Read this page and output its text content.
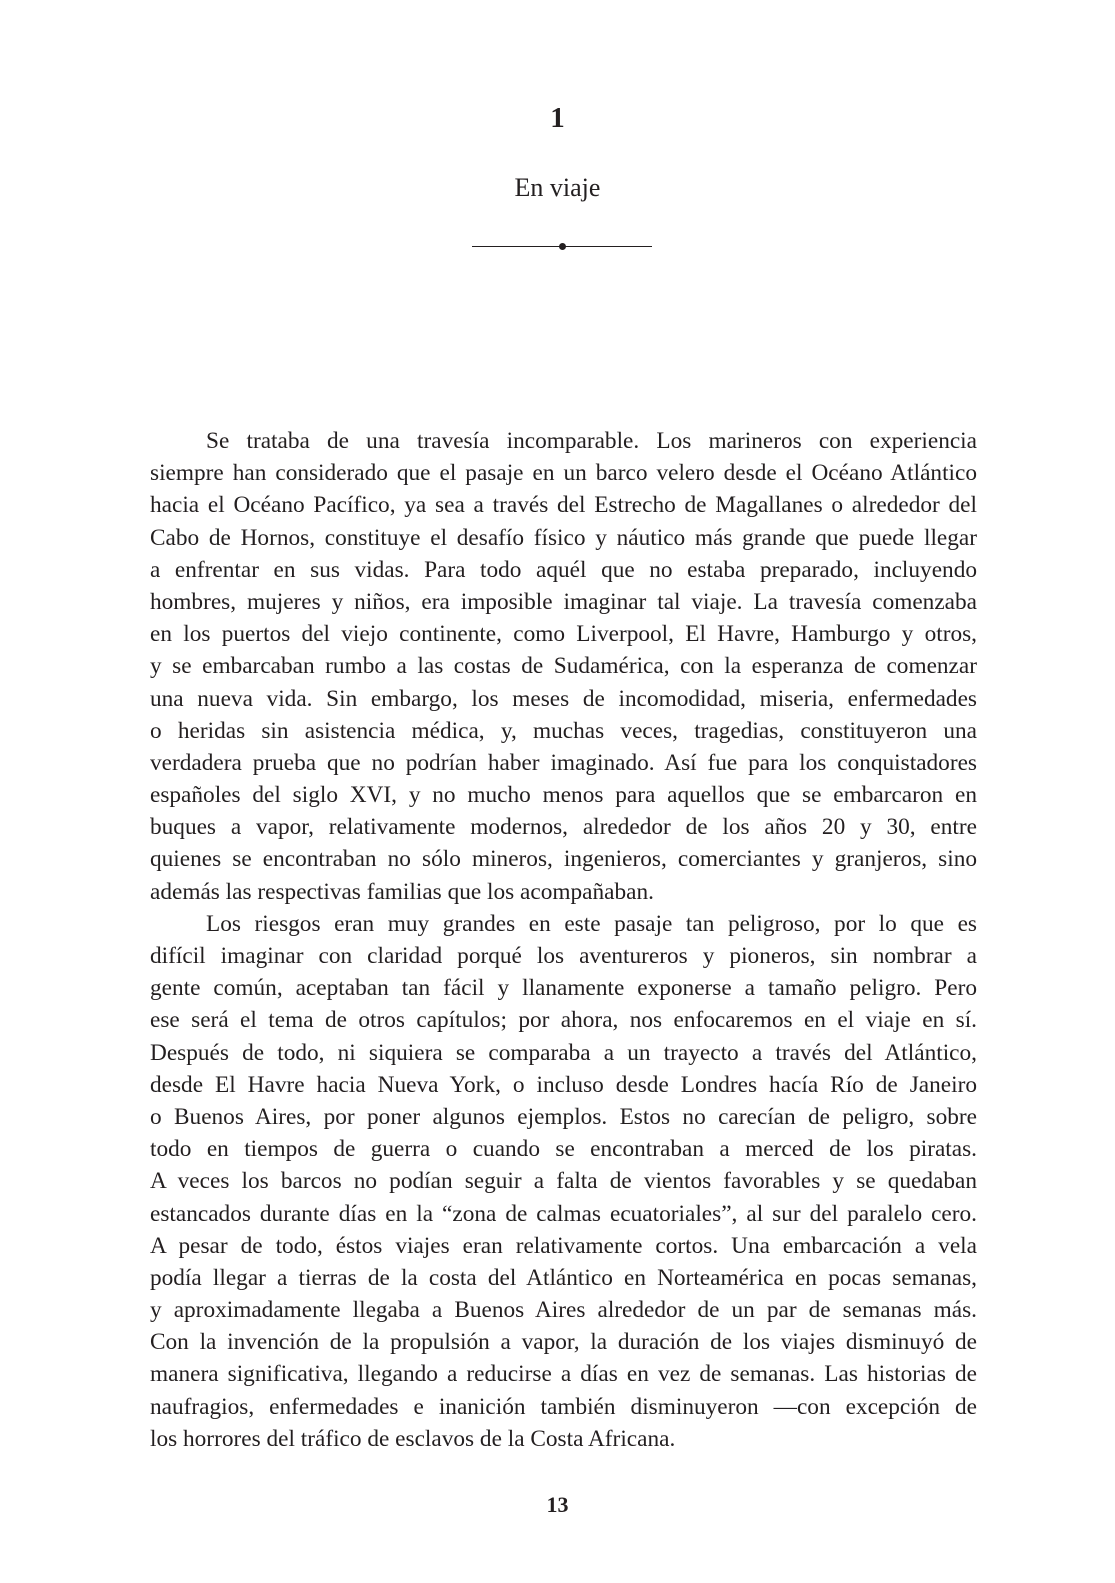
1
En viaje
Se trataba de una travesía incomparable. Los marineros con experiencia
siempre han considerado que el pasaje en un barco velero desde el Océano Atlántico
hacia el Océano Pacífico, ya sea a través del Estrecho de Magallanes o alrededor del
Cabo de Hornos, constituye el desafío físico y náutico más grande que puede llegar
a enfrentar en sus vidas. Para todo aquél que no estaba preparado, incluyendo
hombres, mujeres y niños, era imposible imaginar tal viaje. La travesía comenzaba
en los puertos del viejo continente, como Liverpool, El Havre, Hamburgo y otros,
y se embarcaban rumbo a las costas de Sudamérica, con la esperanza de comenzar
una nueva vida. Sin embargo, los meses de incomodidad, miseria, enfermedades
o heridas sin asistencia médica, y, muchas veces, tragedias, constituyeron una
verdadera prueba que no podrían haber imaginado. Así fue para los conquistadores
españoles del siglo XVI, y no mucho menos para aquellos que se embarcaron en
buques a vapor, relativamente modernos, alrededor de los años 20 y 30, entre
quienes se encontraban no sólo mineros, ingenieros, comerciantes y granjeros, sino
además las respectivas familias que los acompañaban.
Los riesgos eran muy grandes en este pasaje tan peligroso, por lo que es
difícil imaginar con claridad porqué los aventureros y pioneros, sin nombrar a
gente común, aceptaban tan fácil y llanamente exponerse a tamaño peligro. Pero
ese será el tema de otros capítulos; por ahora, nos enfocaremos en el viaje en sí.
Después de todo, ni siquiera se comparaba a un trayecto a través del Atlántico,
desde El Havre hacia Nueva York, o incluso desde Londres hacía Río de Janeiro
o Buenos Aires, por poner algunos ejemplos. Estos no carecían de peligro, sobre
todo en tiempos de guerra o cuando se encontraban a merced de los piratas.
A veces los barcos no podían seguir a falta de vientos favorables y se quedaban
estancados durante días en la “zona de calmas ecuatoriales”, al sur del paralelo cero.
A pesar de todo, éstos viajes eran relativamente cortos. Una embarcación a vela
podía llegar a tierras de la costa del Atlántico en Norteamérica en pocas semanas,
y aproximadamente llegaba a Buenos Aires alrededor de un par de semanas más.
Con la invención de la propulsión a vapor, la duración de los viajes disminuyó de
manera significativa, llegando a reducirse a días en vez de semanas. Las historias de
naufragios, enfermedades e inanición también disminuyeron —con excepción de
los horrores del tráfico de esclavos de la Costa Africana.
13
